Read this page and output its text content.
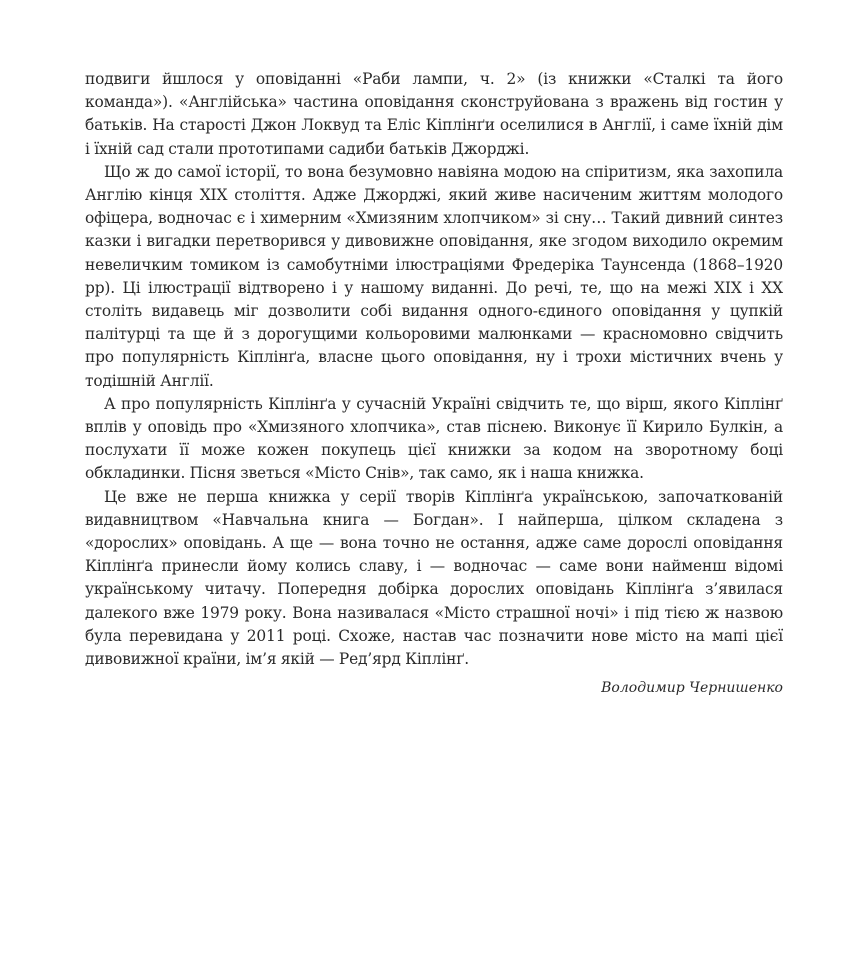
подвиги йшлося у оповіданні «Раби лампи, ч. 2» (із книжки «Сталкі та його команда»). «Англійська» частина оповідання сконструйована з вражень від гостин у батьків. На старості Джон Локвуд та Еліс Кіплінґи оселилися в Англії, і саме їхній дім і їхній сад стали прототипами садиби батьків Джорджі.

Що ж до самої історії, то вона безумовно навіяна модою на спіритизм, яка захопила Англію кінця XIX століття. Адже Джорджі, який живе насиченим життям молодого офіцера, водночас є і химерним «Хмизяним хлопчиком» зі сну… Такий дивний синтез казки і вигадки перетворився у дивовижне оповідання, яке згодом виходило окремим невеличким томиком із самобутніми ілюстраціями Фредеріка Таунсенда (1868–1920 рр). Ці ілюстрації відтворено і у нашому виданні. До речі, те, що на межі XIX і XX століть видавець міг дозволити собі видання одного-єдиного оповідання у цупкій палітурці та ще й з дорогущими кольоровими малюнками — красномовно свідчить про популярність Кіплінґа, власне цього оповідання, ну і трохи містичних вчень у тодішній Англії.

А про популярність Кіплінґа у сучасній Україні свідчить те, що вірш, якого Кіплінґ вплів у оповідь про «Хмизяного хлопчика», став піснею. Виконує її Кирило Булкін, а послухати її може кожен покупець цієї книжки за кодом на зворотному боці обкладинки. Пісня зветься «Місто Снів», так само, як і наша книжка.

Це вже не перша книжка у серії творів Кіплінґа українською, започаткованій видавництвом «Навчальна книга — Богдан». І найперша, цілком складена з «дорослих» оповідань. А ще — вона точно не остання, адже саме дорослі оповідання Кіплінґа принесли йому колись славу, і — водночас — саме вони найменш відомі українському читачу. Попередня добірка дорослих оповідань Кіплінґа з’явилася далекого вже 1979 року. Вона називалася «Місто страшної ночі» і під тією ж назвою була перевидана у 2011 році. Схоже, настав час позначити нове місто на мапі цієї дивовижної країни, ім’я якій — Ред’ярд Кіплінґ.

Володимир Чернишенко
